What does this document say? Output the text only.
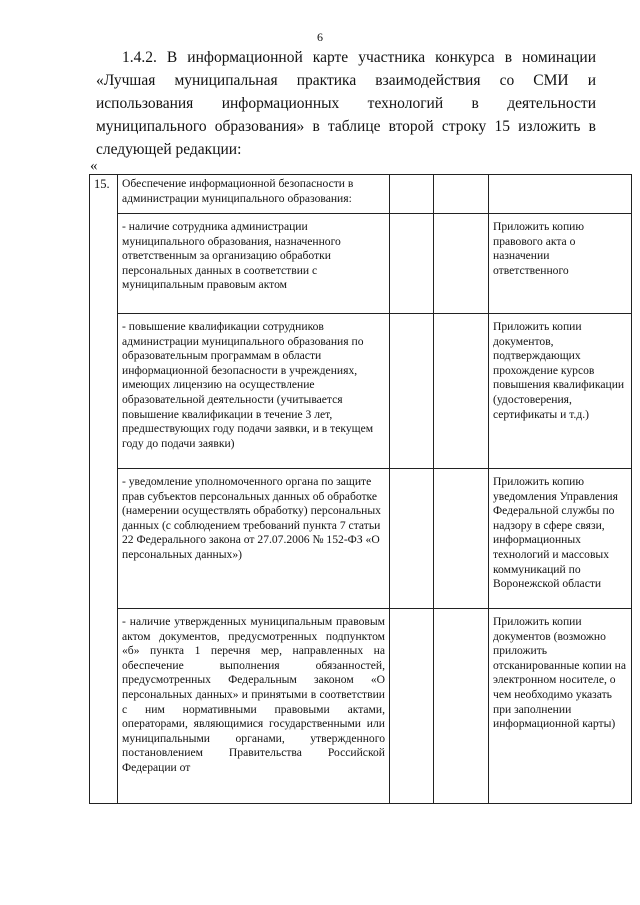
6

1.4.2. В информационной карте участника конкурса в номинации «Лучшая муниципальная практика взаимодействия со СМИ и использования информационных технологий в деятельности муниципального образования» в таблице второй строку 15 изложить в следующей редакции:

«
15.	Обеспечение информационной безопасности в администрации муниципального образования:			

	- наличие сотрудника администрации муниципального образования, назначенного ответственным за организацию обработки персональных данных в соответствии с муниципальным правовым актом			Приложить копию правового акта о назначении ответственного

	- повышение квалификации сотрудников администрации муниципального образования по образовательным программам в области информационной безопасности в учреждениях, имеющих лицензию на осуществление образовательной деятельности (учитывается повышение квалификации в течение 3 лет, предшествующих году подачи заявки, и в текущем году до подачи заявки)			Приложить копии документов, подтверждающих прохождение курсов повышения квалификации (удостоверения, сертификаты и т.д.)

	- уведомление уполномоченного органа по защите прав субъектов персональных данных об обработке (намерении осуществлять обработку) персональных данных (с соблюдением требований пункта 7 статьи 22 Федерального закона от 27.07.2006 № 152-ФЗ «О персональных данных»)			Приложить копию уведомления Управления Федеральной службы по надзору в сфере связи, информационных технологий и массовых коммуникаций по Воронежской области

	- наличие утвержденных муниципальным правовым актом документов, предусмотренных подпунктом «б» пункта 1 перечня мер, направленных на обеспечение выполнения обязанностей, предусмотренных Федеральным законом «О персональных данных» и принятыми в соответствии с ним нормативными правовыми актами, операторами, являющимися государственными или муниципальными органами, утвержденного постановлением Правительства Российской Федерации от			Приложить копии документов (возможно приложить отсканированные копии на электронном носителе, о чем необходимо указать при заполнении информационной карты)
